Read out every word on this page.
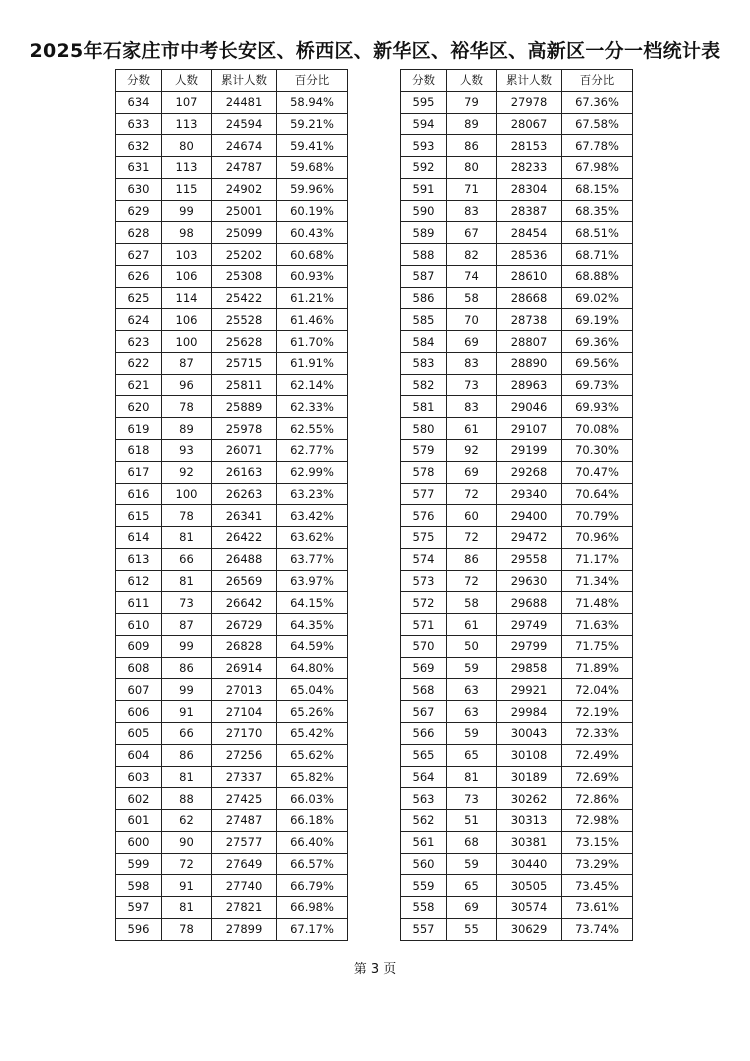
2025年石家庄市中考长安区、桥西区、新华区、裕华区、高新区一分一档统计表
分数	人数	累计人数	百分比
634	107	24481	58.94%
633	113	24594	59.21%
632	80	24674	59.41%
631	113	24787	59.68%
630	115	24902	59.96%
629	99	25001	60.19%
628	98	25099	60.43%
627	103	25202	60.68%
626	106	25308	60.93%
625	114	25422	61.21%
624	106	25528	61.46%
623	100	25628	61.70%
622	87	25715	61.91%
621	96	25811	62.14%
620	78	25889	62.33%
619	89	25978	62.55%
618	93	26071	62.77%
617	92	26163	62.99%
616	100	26263	63.23%
615	78	26341	63.42%
614	81	26422	63.62%
613	66	26488	63.77%
612	81	26569	63.97%
611	73	26642	64.15%
610	87	26729	64.35%
609	99	26828	64.59%
608	86	26914	64.80%
607	99	27013	65.04%
606	91	27104	65.26%
605	66	27170	65.42%
604	86	27256	65.62%
603	81	27337	65.82%
602	88	27425	66.03%
601	62	27487	66.18%
600	90	27577	66.40%
599	72	27649	66.57%
598	91	27740	66.79%
597	81	27821	66.98%
596	78	27899	67.17%
分数	人数	累计人数	百分比
595	79	27978	67.36%
594	89	28067	67.58%
593	86	28153	67.78%
592	80	28233	67.98%
591	71	28304	68.15%
590	83	28387	68.35%
589	67	28454	68.51%
588	82	28536	68.71%
587	74	28610	68.88%
586	58	28668	69.02%
585	70	28738	69.19%
584	69	28807	69.36%
583	83	28890	69.56%
582	73	28963	69.73%
581	83	29046	69.93%
580	61	29107	70.08%
579	92	29199	70.30%
578	69	29268	70.47%
577	72	29340	70.64%
576	60	29400	70.79%
575	72	29472	70.96%
574	86	29558	71.17%
573	72	29630	71.34%
572	58	29688	71.48%
571	61	29749	71.63%
570	50	29799	71.75%
569	59	29858	71.89%
568	63	29921	72.04%
567	63	29984	72.19%
566	59	30043	72.33%
565	65	30108	72.49%
564	81	30189	72.69%
563	73	30262	72.86%
562	51	30313	72.98%
561	68	30381	73.15%
560	59	30440	73.29%
559	65	30505	73.45%
558	69	30574	73.61%
557	55	30629	73.74%
第 3 页
